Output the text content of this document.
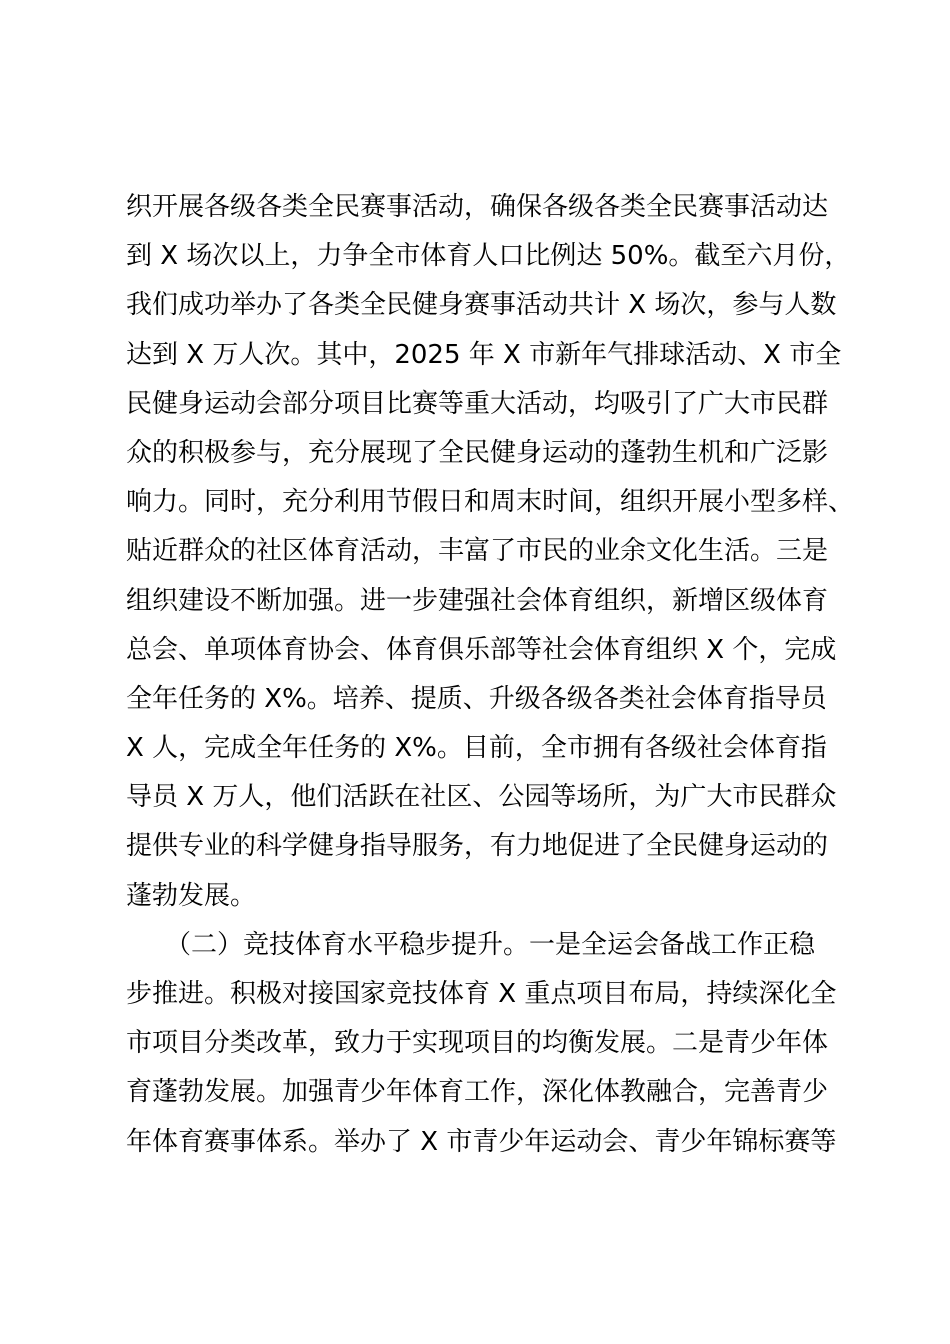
织开展各级各类全民赛事活动，确保各级各类全民赛事活动达
到 X 场次以上，力争全市体育人口比例达 50%。截至六月份，
我们成功举办了各类全民健身赛事活动共计 X 场次，参与人数
达到 X 万人次。其中，2025 年 X 市新年气排球活动、X 市全
民健身运动会部分项目比赛等重大活动，均吸引了广大市民群
众的积极参与，充分展现了全民健身运动的蓬勃生机和广泛影
响力。同时，充分利用节假日和周末时间，组织开展小型多样、
贴近群众的社区体育活动，丰富了市民的业余文化生活。三是
组织建设不断加强。进一步建强社会体育组织，新增区级体育
总会、单项体育协会、体育俱乐部等社会体育组织 X 个，完成
全年任务的 X%。培养、提质、升级各级各类社会体育指导员
X 人，完成全年任务的 X%。目前，全市拥有各级社会体育指
导员 X 万人，他们活跃在社区、公园等场所，为广大市民群众
提供专业的科学健身指导服务，有力地促进了全民健身运动的
蓬勃发展。
　　（二）竞技体育水平稳步提升。一是全运会备战工作正稳
步推进。积极对接国家竞技体育 X 重点项目布局，持续深化全
市项目分类改革，致力于实现项目的均衡发展。二是青少年体
育蓬勃发展。加强青少年体育工作，深化体教融合，完善青少
年体育赛事体系。举办了 X 市青少年运动会、青少年锦标赛等
